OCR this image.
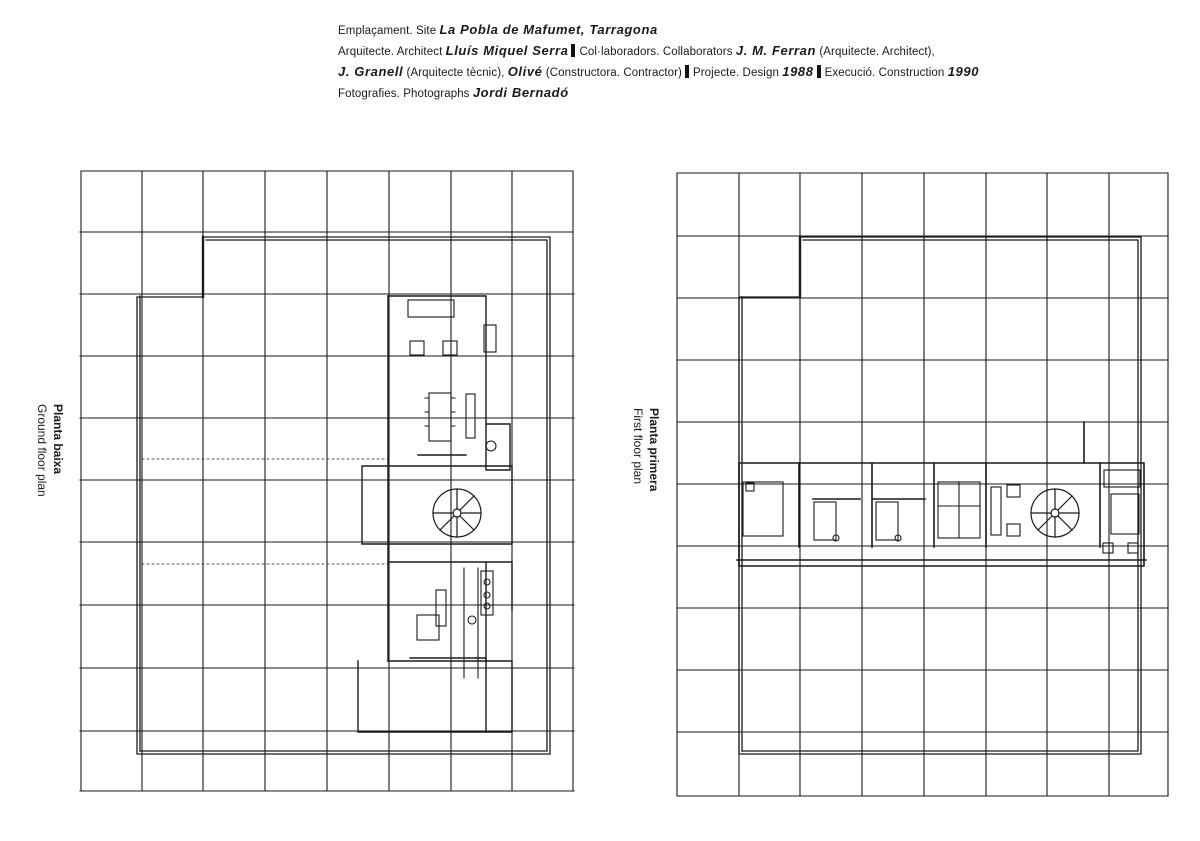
Emplaçament. Site La Pobla de Mafumet, Tarragona
Arquitecte. Architect Lluís Miquel Serra Col·laboradors. Collaborators J. M. Ferran (Arquitecte. Architect),
J. Granell (Arquitecte tècnic), Olivé (Constructora. Contractor) Projecte. Design 1988 Execució. Construction 1990
Fotografies. Photographs Jordi Bernadó
Planta baixa
Ground floor plan	Planta primera
First floor plan
